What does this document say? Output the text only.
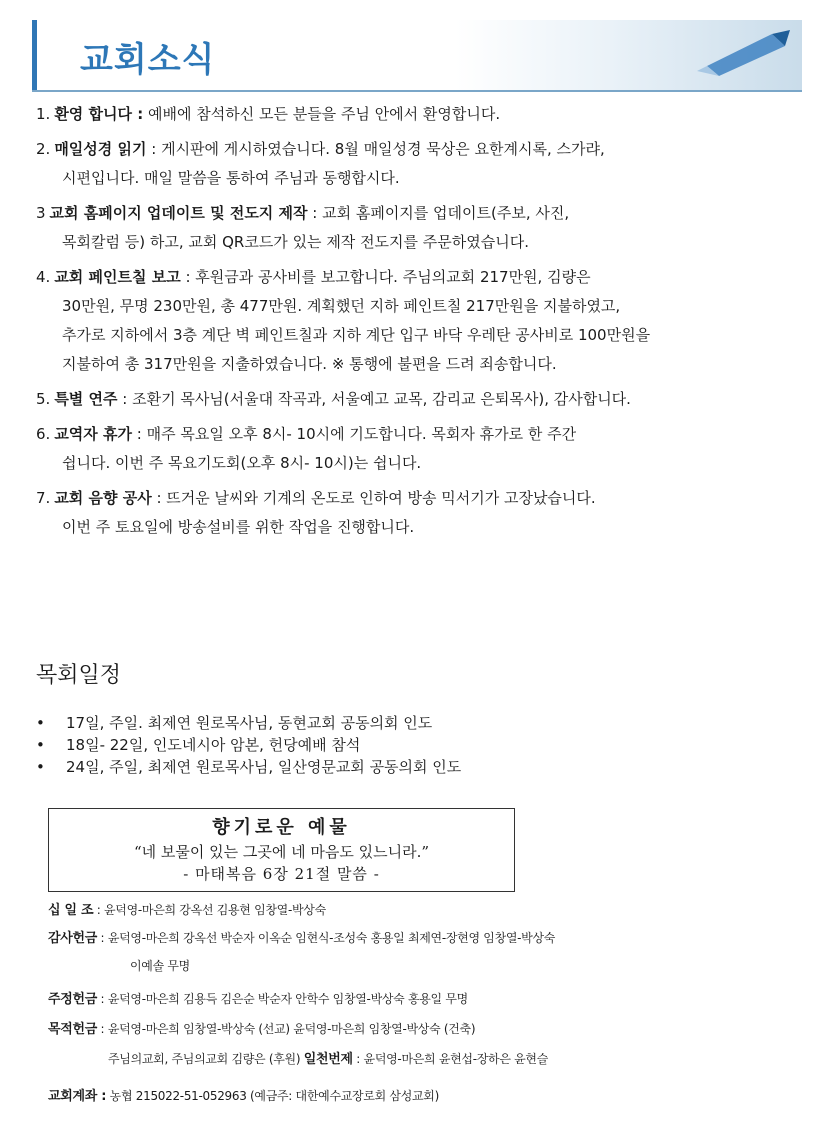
교회소식
1. 환영 합니다 : 예배에 참석하신 모든 분들을 주님 안에서 환영합니다.
2. 매일성경 읽기 : 게시판에 게시하였습니다. 8월 매일성경 묵상은 요한계시록, 스가랴,
시편입니다. 매일 말씀을 통하여 주님과 동행합시다.
3 교회 홈페이지 업데이트 및 전도지 제작 : 교회 홈페이지를 업데이트(주보, 사진,
목회칼럼 등) 하고, 교회 QR코드가 있는 제작 전도지를 주문하였습니다.
4. 교회 페인트칠 보고 : 후원금과 공사비를 보고합니다. 주님의교회 217만원, 김량은
30만원, 무명 230만원, 총 477만원. 계획했던 지하 페인트칠 217만원을 지불하였고,
추가로 지하에서 3층 계단 벽 페인트칠과 지하 계단 입구 바닥 우레탄 공사비로 100만원을
지불하여 총 317만원을 지출하였습니다. ※ 통행에 불편을 드려 죄송합니다.
5. 특별 연주 : 조환기 목사님(서울대 작곡과, 서울예고 교목, 감리교 은퇴목사), 감사합니다.
6. 교역자 휴가 : 매주 목요일 오후 8시- 10시에 기도합니다. 목회자 휴가로 한 주간
쉽니다. 이번 주 목요기도회(오후 8시- 10시)는 쉽니다.
7. 교회 음향 공사 : 뜨거운 날씨와 기계의 온도로 인하여 방송 믹서기가 고장났습니다.
이번 주 토요일에 방송설비를 위한 작업을 진행합니다.
목회일정
• 17일, 주일. 최제연 원로목사님, 동현교회 공동의회 인도
• 18일- 22일, 인도네시아 암본, 헌당예배 참석
• 24일, 주일, 최제연 원로목사님, 일산영문교회 공동의회 인도
향기로운 예물
“네 보물이 있는 그곳에 네 마음도 있느니라.”
- 마태복음 6장 21절 말씀 -
십 일 조 : 윤덕영-마은희 강옥선 김용현 임창열-박상숙
감사헌금 : 윤덕영-마은희 강옥선 박순자 이옥순 임현식-조성숙 홍용일 최제연-장현영 임창열-박상숙
이예솔 무명
주정헌금 : 윤덕영-마은희 김용득 김은순 박순자 안학수 임창열-박상숙 홍용일 무명
목적헌금 : 윤덕영-마은희 임창열-박상숙 (선교) 윤덕영-마은희 임창열-박상숙 (건축)
주님의교회, 주님의교회 김량은 (후원) 일천번제 : 윤덕영-마은희 윤현섭-장하은 윤현슬
교회계좌 : 농협 215022-51-052963 (예금주: 대한예수교장로회 삼성교회)
